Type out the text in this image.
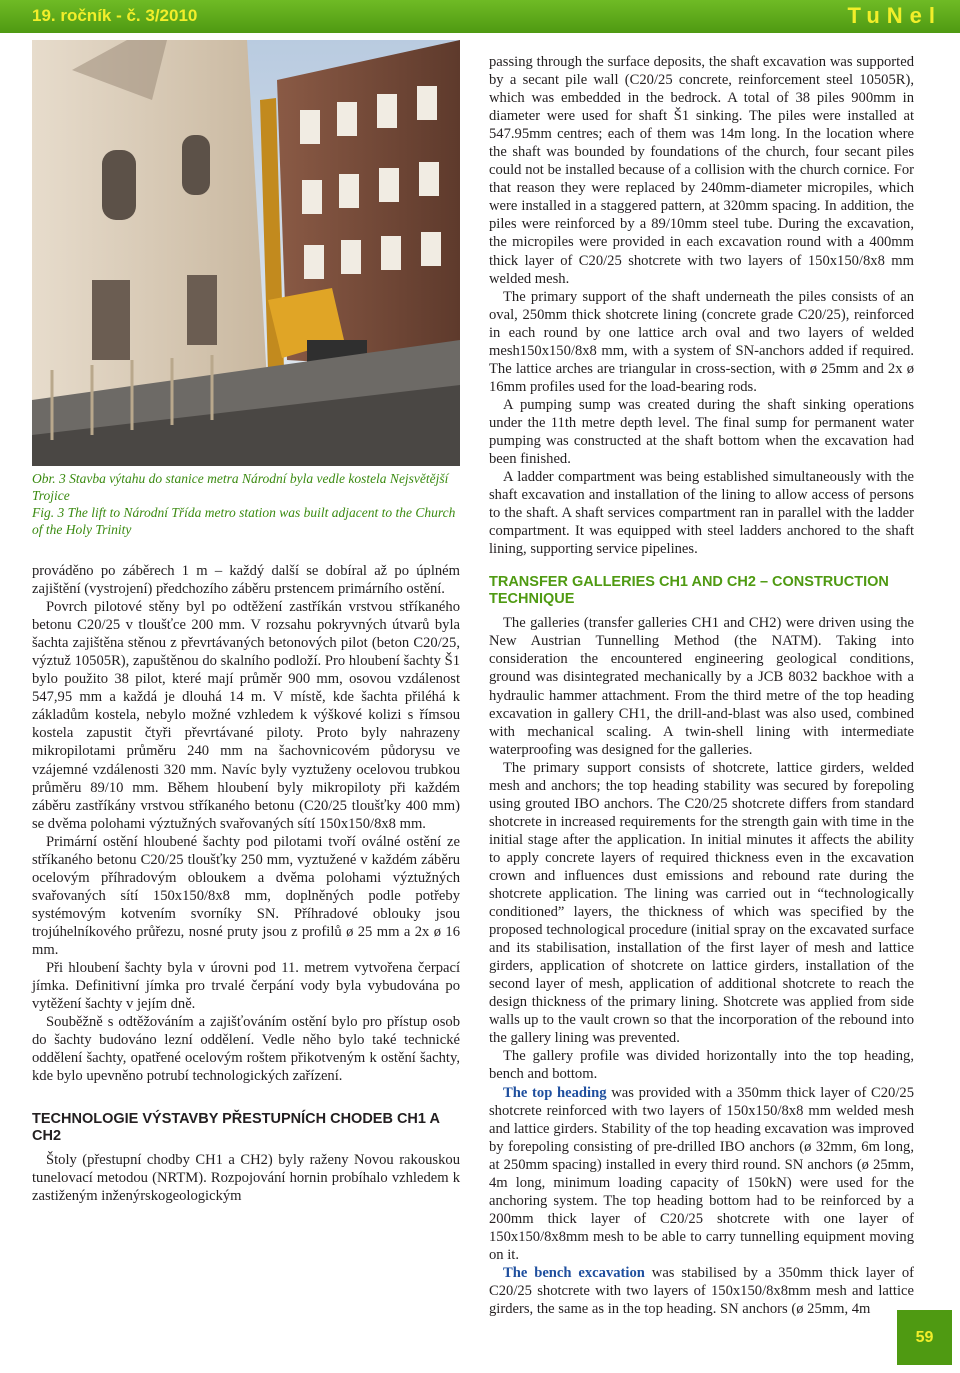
19. ročník - č. 3/2010	TuNel

Obr. 3 Stavba výtahu do stanice metra Národní byla vedle kostela Nejsvětější Trojice

Fig. 3 The lift to Národní Třída metro station was built adjacent to the Church of the Holy Trinity

prováděno po záběrech 1 m – každý další se dobíral až po úplném zajištění (vystrojení) předchozího záběru prstencem primárního ostění.

Povrch pilotové stěny byl po odtěžení zastříkán vrstvou stříkaného betonu C20/25 v tloušťce 200 mm. V rozsahu pokryvných útvarů byla šachta zajištěna stěnou z převrtávaných betonových pilot (beton C20/25, výztuž 10505R), zapuštěnou do skalního podloží. Pro hloubení šachty Š1 bylo použito 38 pilot, které mají průměr 900 mm, osovou vzdálenost 547,95 mm a každá je dlouhá 14 m. V místě, kde šachta přiléhá k základům kostela, nebylo možné vzhledem k výškové kolizi s římsou kostela zapustit čtyři převrtávané piloty. Proto byly nahrazeny mikropilotami průměru 240 mm na šachovnicovém půdorysu ve vzájemné vzdálenosti 320 mm. Navíc byly vyztuženy ocelovou trubkou průměru 89/10 mm. Během hloubení byly mikropiloty při každém záběru zastříkány vrstvou stříkaného betonu (C20/25 tloušťky 400 mm) se dvěma polohami výztužných svařovaných sítí 150x150/8x8 mm.

Primární ostění hloubené šachty pod pilotami tvoří oválné ostění ze stříkaného betonu C20/25 tloušťky 250 mm, vyztužené v každém záběru ocelovým příhradovým obloukem a dvěma polohami výztužných svařovaných sítí 150x150/8x8 mm, doplněných podle potřeby systémovým kotvením svorníky SN. Příhradové oblouky jsou trojúhelníkového průřezu, nosné pruty jsou z profilů ø 25 mm a 2x ø 16 mm.

Při hloubení šachty byla v úrovni pod 11. metrem vytvořena čerpací jímka. Definitivní jímka pro trvalé čerpání vody byla vybudována po vytěžení šachty v jejím dně.

Souběžně s odtěžováním a zajišťováním ostění bylo pro přístup osob do šachty budováno lezní oddělení. Vedle něho bylo také technické oddělení šachty, opatřené ocelovým roštem přikotveným k ostění šachty, kde bylo upevněno potrubí technologických zařízení.

TECHNOLOGIE VÝSTAVBY PŘESTUPNÍCH CHODEB CH1 A CH2

Štoly (přestupní chodby CH1 a CH2) byly raženy Novou rakouskou tunelovací metodou (NRTM). Rozpojování hornin probíhalo vzhledem k zastiženým inženýrskogeologickým

passing through the surface deposits, the shaft excavation was supported by a secant pile wall (C20/25 concrete, reinforcement steel 10505R), which was embedded in the bedrock. A total of 38 piles 900mm in diameter were used for shaft Š1 sinking. The piles were installed at 547.95mm centres; each of them was 14m long. In the location where the shaft was bounded by foundations of the church, four secant piles could not be installed because of a collision with the church cornice. For that reason they were replaced by 240mm-diameter micropiles, which were installed in a staggered pattern, at 320mm spacing. In addition, the piles were reinforced by a 89/10mm steel tube. During the excavation, the micropiles were provided in each excavation round with a 400mm thick layer of C20/25 shotcrete with two layers of 150x150/8x8 mm welded mesh.

The primary support of the shaft underneath the piles consists of an oval, 250mm thick shotcrete lining (concrete grade C20/25), reinforced in each round by one lattice arch oval and two layers of welded mesh150x150/8x8 mm, with a system of SN-anchors added if required. The lattice arches are triangular in cross-section, with ø 25mm and 2x ø 16mm profiles used for the load-bearing rods.

A pumping sump was created during the shaft sinking operations under the 11th metre depth level. The final sump for permanent water pumping was constructed at the shaft bottom when the excavation had been finished.

A ladder compartment was being established simultaneously with the shaft excavation and installation of the lining to allow access of persons to the shaft. A shaft services compartment ran in parallel with the ladder compartment. It was equipped with steel ladders anchored to the shaft lining, supporting service pipelines.

TRANSFER GALLERIES CH1 AND CH2 – CONSTRUCTION TECHNIQUE

The galleries (transfer galleries CH1 and CH2) were driven using the New Austrian Tunnelling Method (the NATM). Taking into consideration the encountered engineering geological conditions, ground was disintegrated mechanically by a JCB 8032 backhoe with a hydraulic hammer attachment. From the third metre of the top heading excavation in gallery CH1, the drill-and-blast was also used, combined with mechanical scaling. A twin-shell lining with intermediate waterproofing was designed for the galleries.

The primary support consists of shotcrete, lattice girders, welded mesh and anchors; the top heading stability was secured by forepoling using grouted IBO anchors. The C20/25 shotcrete differs from standard shotcrete in increased requirements for the strength gain with time in the initial stage after the application. In initial minutes it affects the ability to apply concrete layers of required thickness even in the excavation crown and influences dust emissions and rebound rate during the shotcrete application. The lining was carried out in “technologically conditioned” layers, the thickness of which was specified by the proposed technological procedure (initial spray on the excavated surface and its stabilisation, installation of the first layer of mesh and lattice girders, application of shotcrete on lattice girders, installation of the second layer of mesh, application of additional shotcrete to reach the design thickness of the primary lining. Shotcrete was applied from side walls up to the vault crown so that the incorporation of the rebound into the gallery lining was prevented.

The gallery profile was divided horizontally into the top heading, bench and bottom.

The top heading was provided with a 350mm thick layer of C20/25 shotcrete reinforced with two layers of 150x150/8x8 mm welded mesh and lattice girders. Stability of the top heading excavation was improved by forepoling consisting of pre-drilled IBO anchors (ø 32mm, 6m long, at 250mm spacing) installed in every third round. SN anchors (ø 25mm, 4m long, minimum loading capacity of 150kN) were used for the anchoring system. The top heading bottom had to be reinforced by a 200mm thick layer of C20/25 shotcrete with one layer of 150x150/8x8mm mesh to be able to carry tunnelling equipment moving on it.

The bench excavation was stabilised by a 350mm thick layer of C20/25 shotcrete with two layers of 150x150/8x8mm mesh and lattice girders, the same as in the top heading. SN anchors (ø 25mm, 4m

59
